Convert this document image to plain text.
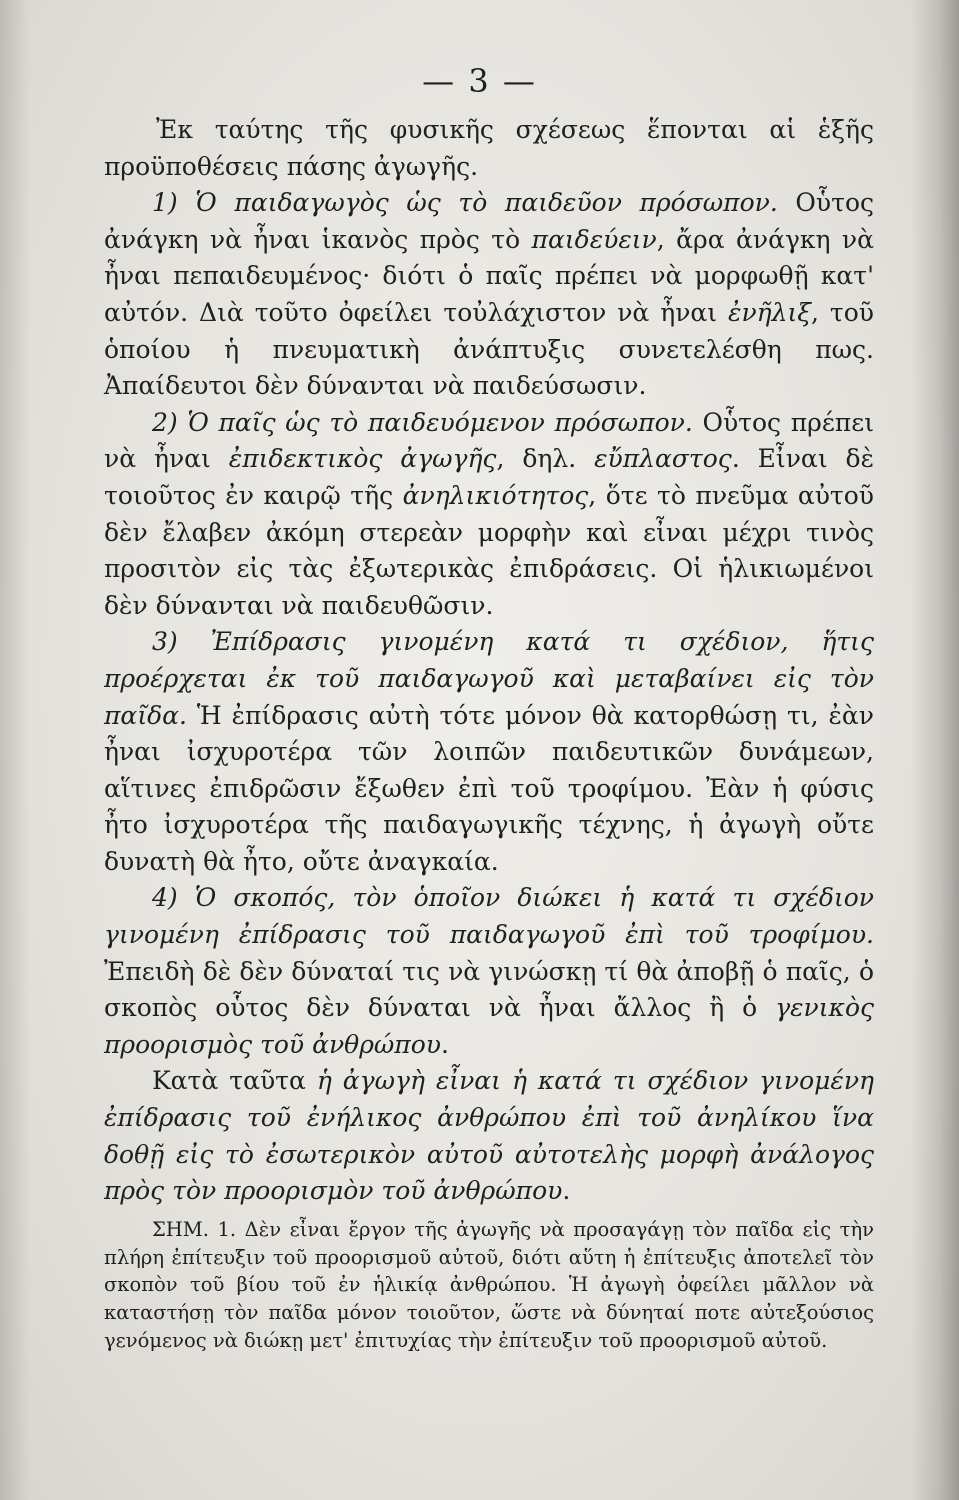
— 3 —

Ἐκ ταύτης τῆς φυσικῆς σχέσεως ἕπονται αἱ ἑξῆς προϋποθέσεις πάσης ἀγωγῆς.

1) Ὁ παιδαγωγὸς ὡς τὸ παιδεῦον πρόσωπον. Οὗτος ἀνάγκη νὰ ἦναι ἱκανὸς πρὸς τὸ παιδεύειν, ἄρα ἀνάγκη νὰ ἦναι πεπαιδευμένος· διότι ὁ παῖς πρέπει νὰ μορφωθῇ κατ' αὐτόν. Διὰ τοῦτο ὀφείλει τοὐλάχιστον νὰ ἦναι ἐνῆλιξ, τοῦ ὁποίου ἡ πνευματικὴ ἀνάπτυξις συνετελέσθη πως. Ἀπαίδευτοι δὲν δύνανται νὰ παιδεύσωσιν.

2) Ὁ παῖς ὡς τὸ παιδευόμενον πρόσωπον. Οὗτος πρέπει νὰ ἦναι ἐπιδεκτικὸς ἀγωγῆς, δηλ. εὔπλαστος. Εἶναι δὲ τοιοῦτος ἐν καιρῷ τῆς ἀνηλικιότητος, ὅτε τὸ πνεῦμα αὐτοῦ δὲν ἔλαβεν ἀκόμη στερεὰν μορφὴν καὶ εἶναι μέχρι τινὸς προσιτὸν εἰς τὰς ἐξωτερικὰς ἐπιδράσεις. Οἱ ἡλικιωμένοι δὲν δύνανται νὰ παιδευθῶσιν.

3) Ἐπίδρασις γινομένη κατά τι σχέδιον, ἥτις προέρχεται ἐκ τοῦ παιδαγωγοῦ καὶ μεταβαίνει εἰς τὸν παῖδα. Ἡ ἐπίδρασις αὐτὴ τότε μόνον θὰ κατορθώσῃ τι, ἐὰν ἦναι ἰσχυροτέρα τῶν λοιπῶν παιδευτικῶν δυνάμεων, αἵτινες ἐπιδρῶσιν ἔξωθεν ἐπὶ τοῦ τροφίμου. Ἐὰν ἡ φύσις ἦτο ἰσχυροτέρα τῆς παιδαγωγικῆς τέχνης, ἡ ἀγωγὴ οὔτε δυνατὴ θὰ ἦτο, οὔτε ἀναγκαία.

4) Ὁ σκοπός, τὸν ὁποῖον διώκει ἡ κατά τι σχέδιον γινομένη ἐπίδρασις τοῦ παιδαγωγοῦ ἐπὶ τοῦ τροφίμου. Ἐπειδὴ δὲ δὲν δύναταί τις νὰ γινώσκῃ τί θὰ ἀποβῇ ὁ παῖς, ὁ σκοπὸς οὗτος δὲν δύναται νὰ ἦναι ἄλλος ἢ ὁ γενικὸς προορισμὸς τοῦ ἀνθρώπου.

Κατὰ ταῦτα ἡ ἀγωγὴ εἶναι ἡ κατά τι σχέδιον γινομένη ἐπίδρασις τοῦ ἐνήλικος ἀνθρώπου ἐπὶ τοῦ ἀνηλίκου ἵνα δοθῇ εἰς τὸ ἐσωτερικὸν αὐτοῦ αὐτοτελὴς μορφὴ ἀνάλογος πρὸς τὸν προορισμὸν τοῦ ἀνθρώπου.

ΣΗΜ. 1. Δὲν εἶναι ἔργον τῆς ἀγωγῆς νὰ προσαγάγῃ τὸν παῖδα εἰς τὴν πλήρη ἐπίτευξιν τοῦ προορισμοῦ αὐτοῦ, διότι αὕτη ἡ ἐπίτευξις ἀποτελεῖ τὸν σκοπὸν τοῦ βίου τοῦ ἐν ἡλικίᾳ ἀνθρώπου. Ἡ ἀγωγὴ ὀφείλει μᾶλλον νὰ καταστήσῃ τὸν παῖδα μόνον τοιοῦτον, ὥστε νὰ δύνηταί ποτε αὐτεξούσιος γενόμενος νὰ διώκῃ μετ' ἐπιτυχίας τὴν ἐπίτευξιν τοῦ προορισμοῦ αὐτοῦ.
